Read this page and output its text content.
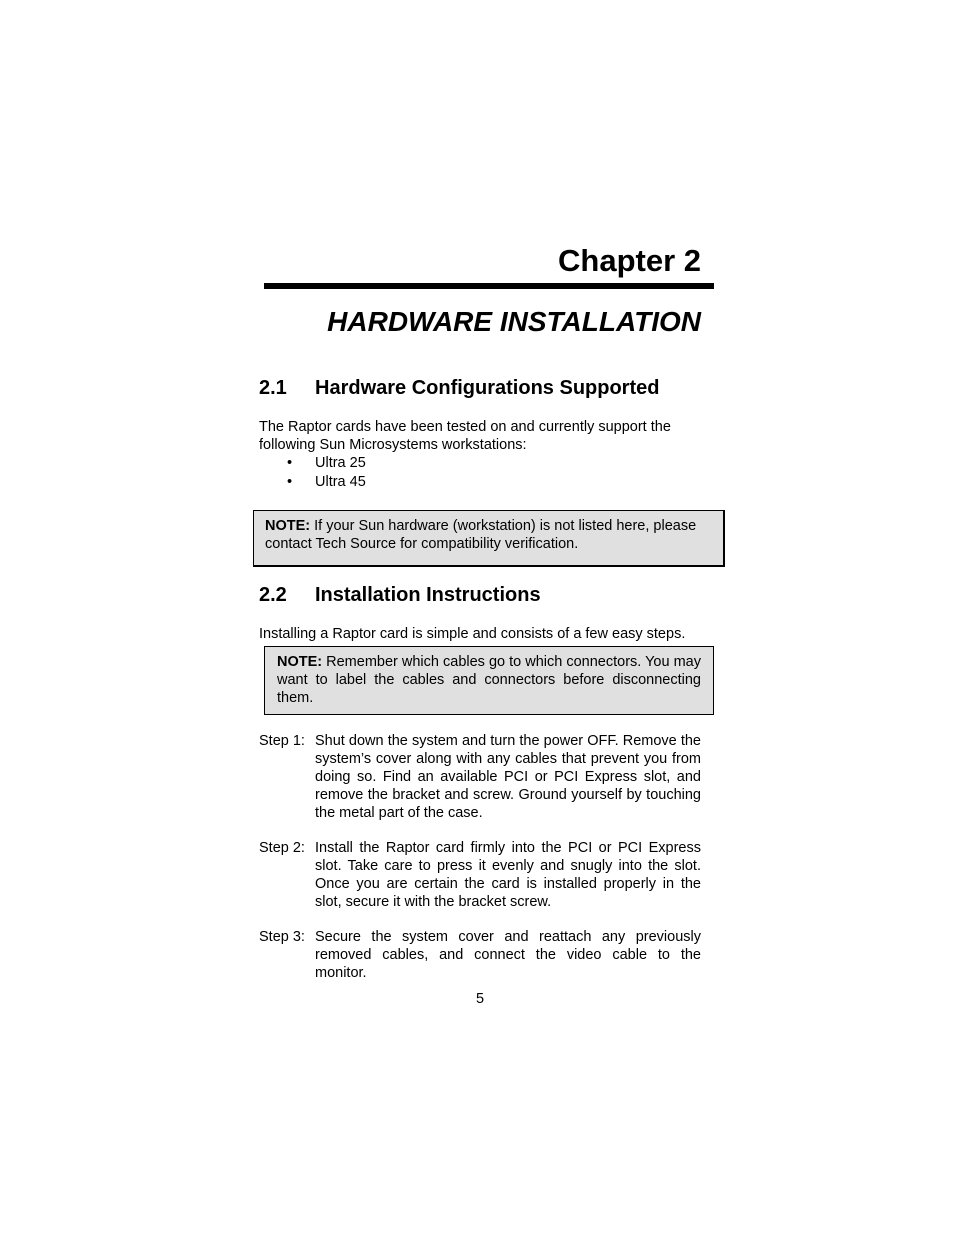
Chapter 2
HARDWARE INSTALLATION
2.1 Hardware Configurations Supported

The Raptor cards have been tested on and currently support the following Sun Microsystems workstations:

• Ultra 25
• Ultra 45
NOTE: If your Sun hardware (workstation) is not listed here, please contact Tech Source for compatibility verification.
2.2 Installation Instructions

Installing a Raptor card is simple and consists of a few easy steps.

NOTE: Remember which cables go to which connectors. You may want to label the cables and connectors before disconnecting them.
Step 1: Shut down the system and turn the power OFF. Remove the system’s cover along with any cables that prevent you from doing so. Find an available PCI or PCI Express slot, and remove the bracket and screw. Ground yourself by touching the metal part of the case.
Step 2: Install the Raptor card firmly into the PCI or PCI Express slot. Take care to press it evenly and snugly into the slot. Once you are certain the card is installed properly in the slot, secure it with the bracket screw.
Step 3: Secure the system cover and reattach any previously removed cables, and connect the video cable to the monitor.

5
